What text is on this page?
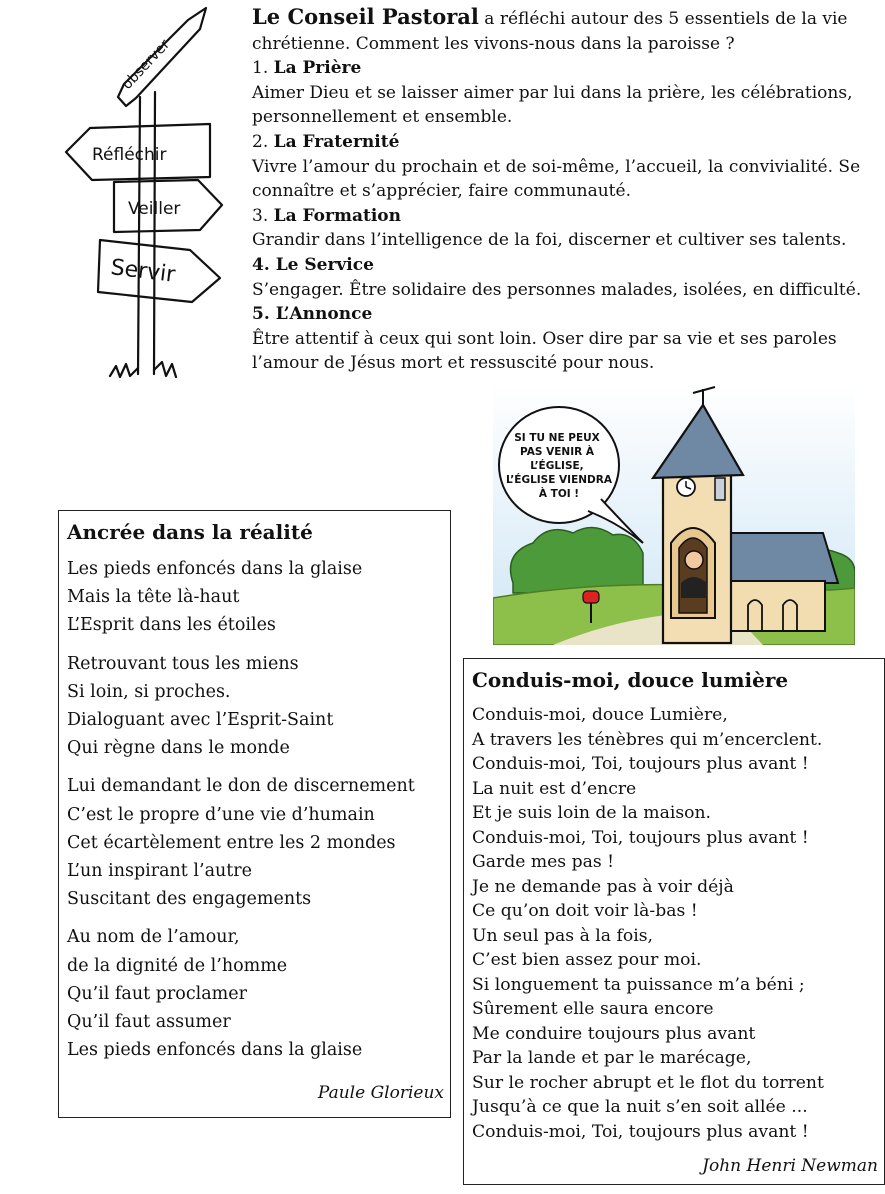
observer
Réfléchir
Veiller
Servir

Le Conseil Pastoral a réfléchi autour des 5 essentiels de la vie chrétienne. Comment les vivons-nous dans la paroisse ?

1. La Prière

Aimer Dieu et se laisser aimer par lui dans la prière, les célébrations, personnellement et ensemble.

2. La Fraternité

Vivre l’amour du prochain et de soi-même, l’accueil, la convivialité. Se connaître et s’apprécier, faire communauté.

3. La Formation

Grandir dans l’intelligence de la foi, discerner et cultiver ses talents.

4. Le Service

S’engager. Être solidaire des personnes malades, isolées, en difficulté.

5. L’Annonce

Être attentif à ceux qui sont loin. Oser dire par sa vie et ses paroles l’amour de Jésus mort et ressuscité pour nous.

SI TU NE PEUX
PAS VENIR À
L’ÉGLISE,
L’ÉGLISE VIENDRA
À TOI !
Ancrée dans la réalité
Les pieds enfoncés dans la glaise
Mais la tête là-haut
L’Esprit dans les étoiles
Retrouvant tous les miens
Si loin, si proches.
Dialoguant avec l’Esprit-Saint
Qui règne dans le monde
Lui demandant le don de discernement
C’est le propre d’une vie d’humain
Cet écartèlement entre les 2 mondes
L’un inspirant l’autre
Suscitant des engagements
Au nom de l’amour,
de la dignité de l’homme
Qu’il faut proclamer
Qu’il faut assumer
Les pieds enfoncés dans la glaise
Paule Glorieux
Conduis-moi, douce lumière
Conduis-moi, douce Lumière,
A travers les ténèbres qui m’encerclent.
Conduis-moi, Toi, toujours plus avant !
La nuit est d’encre
Et je suis loin de la maison.
Conduis-moi, Toi, toujours plus avant !
Garde mes pas !
Je ne demande pas à voir déjà
Ce qu’on doit voir là-bas !
Un seul pas à la fois,
C’est bien assez pour moi.
Si longuement ta puissance m’a béni ;
Sûrement elle saura encore
Me conduire toujours plus avant
Par la lande et par le marécage,
Sur le rocher abrupt et le flot du torrent
Jusqu’à ce que la nuit s’en soit allée ...
Conduis-moi, Toi, toujours plus avant !
John Henri Newman
